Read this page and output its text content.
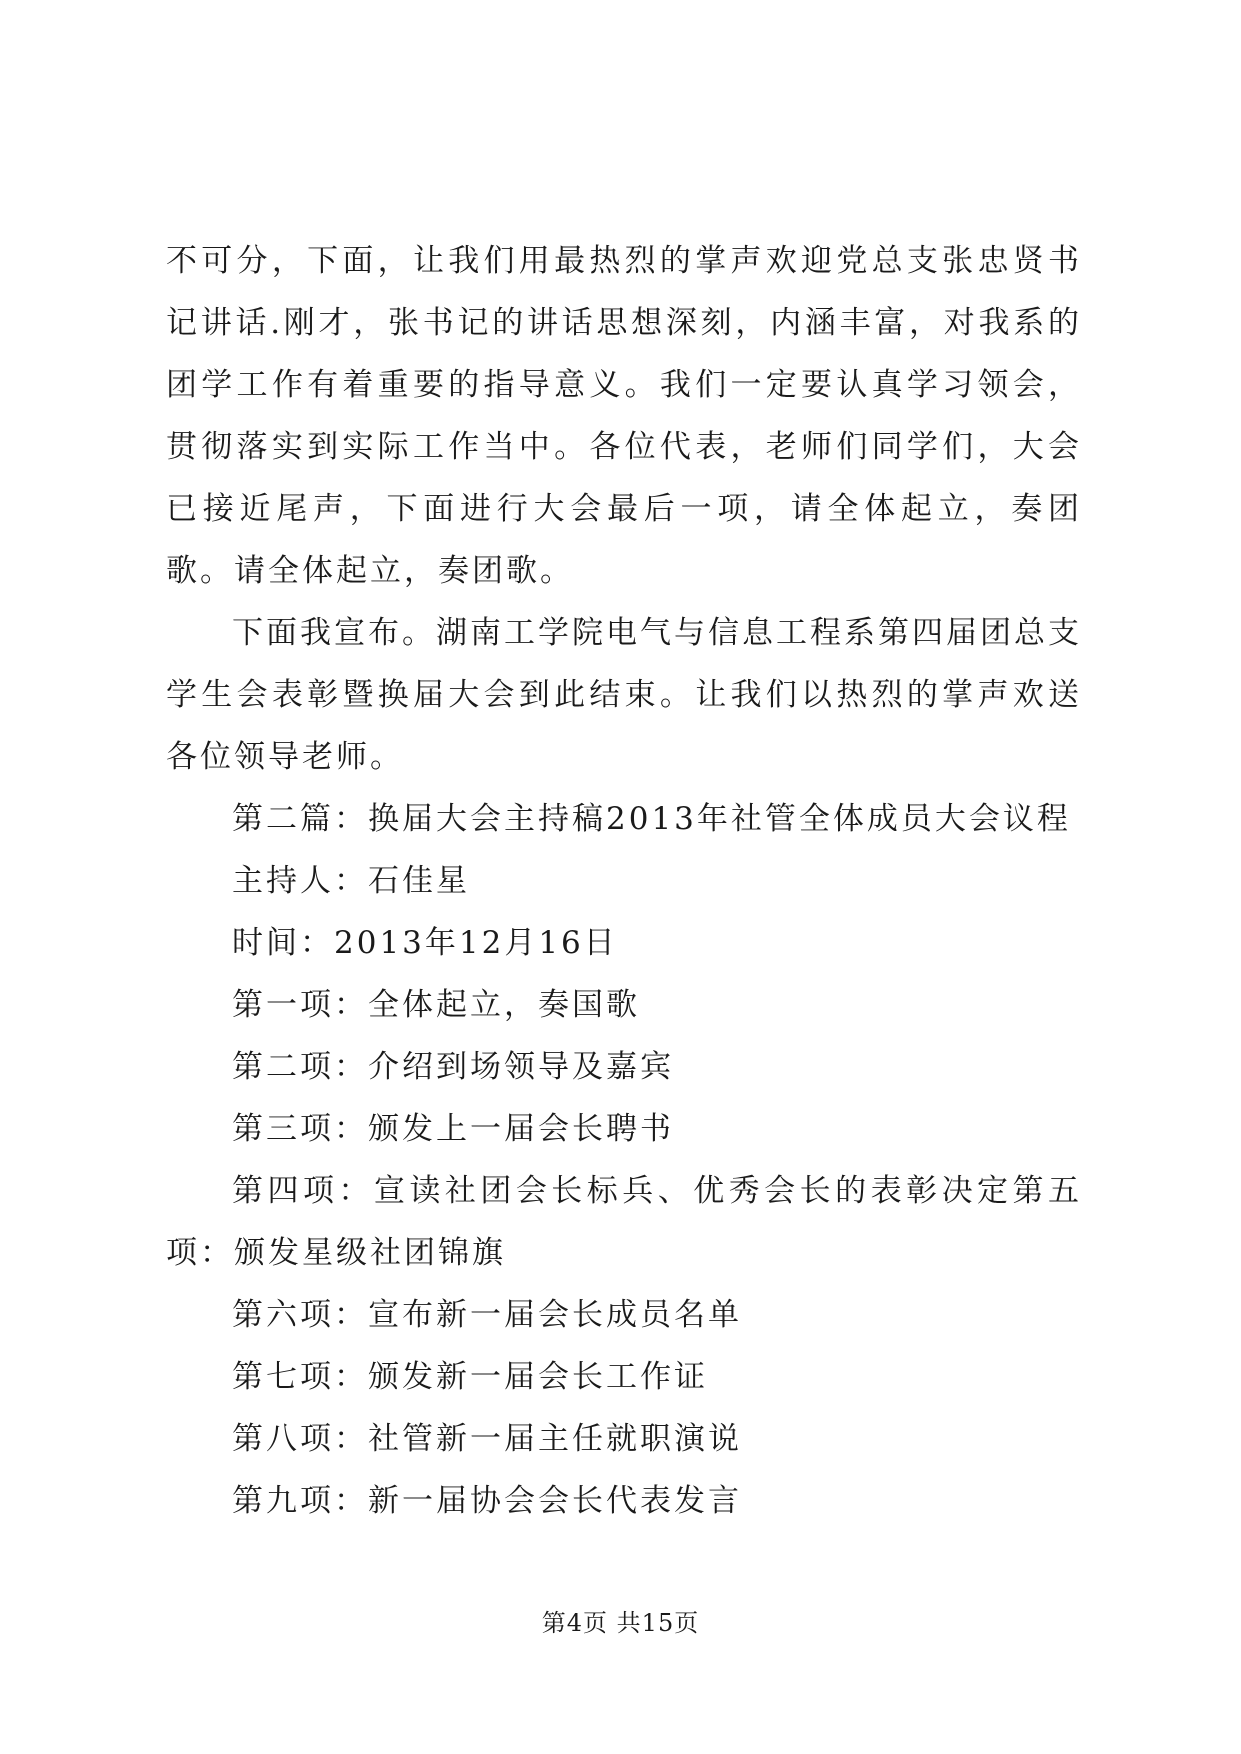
不可分，下面，让我们用最热烈的掌声欢迎党总支张忠贤书记讲话.刚才，张书记的讲话思想深刻，内涵丰富，对我系的团学工作有着重要的指导意义。我们一定要认真学习领会，贯彻落实到实际工作当中。各位代表，老师们同学们，大会已接近尾声，下面进行大会最后一项，请全体起立，奏团歌。请全体起立，奏团歌。

下面我宣布。湖南工学院电气与信息工程系第四届团总支学生会表彰暨换届大会到此结束。让我们以热烈的掌声欢送各位领导老师。

第二篇：换届大会主持稿2013年社管全体成员大会议程

主持人：石佳星

时间：2013年12月16日

第一项：全体起立，奏国歌

第二项：介绍到场领导及嘉宾

第三项：颁发上一届会长聘书

第四项：宣读社团会长标兵、优秀会长的表彰决定第五项：颁发星级社团锦旗

第六项：宣布新一届会长成员名单

第七项：颁发新一届会长工作证

第八项：社管新一届主任就职演说

第九项：新一届协会会长代表发言

第4页 共15页
